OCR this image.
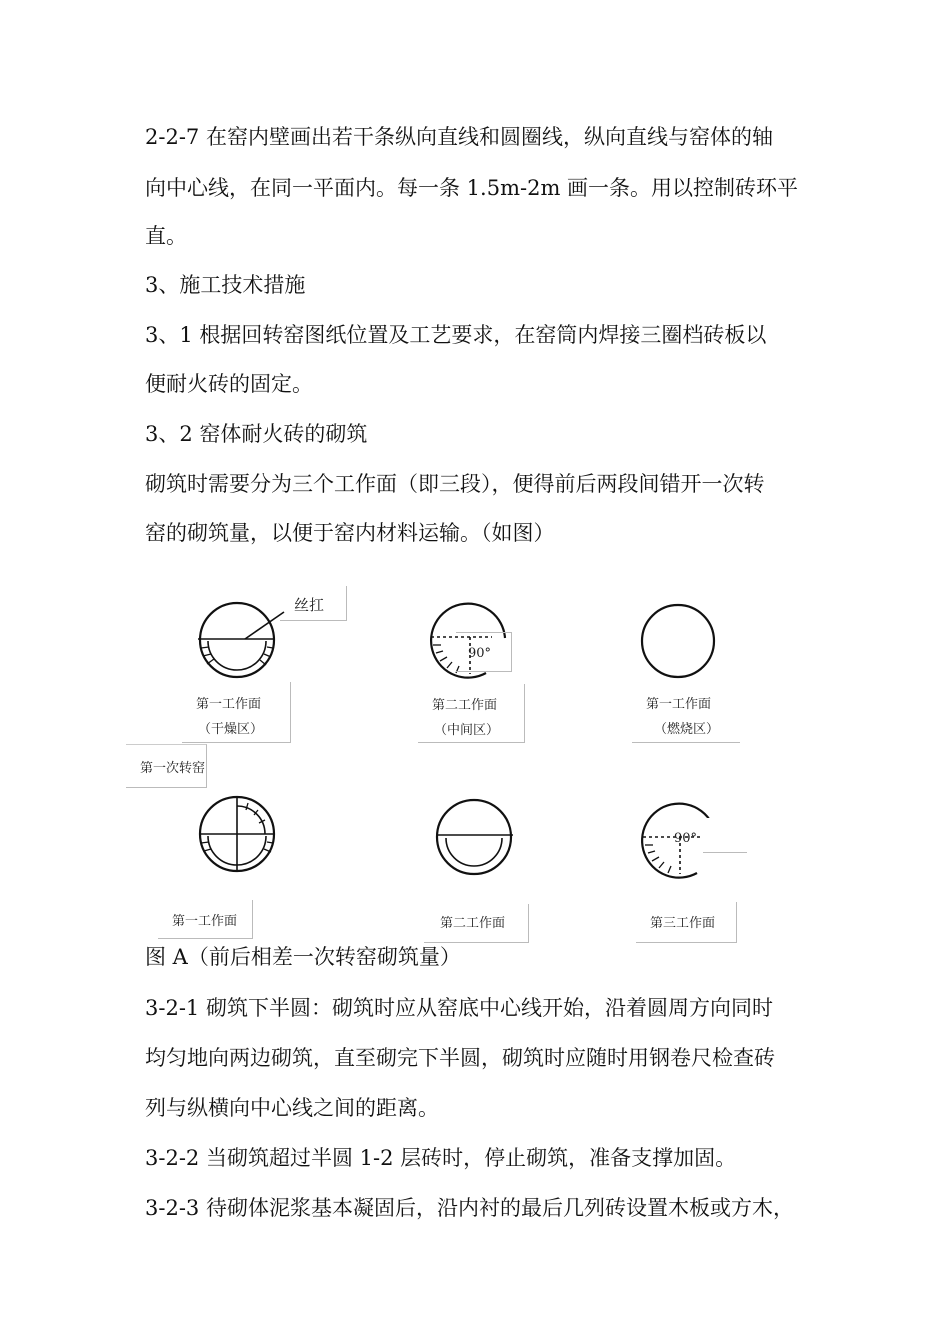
2-2-7 在窑内壁画出若干条纵向直线和圆圈线，纵向直线与窑体的轴
向中心线，在同一平面内。每一条 1.5m-2m 画一条。用以控制砖环平
直。
3、施工技术措施
3、1 根据回转窑图纸位置及工艺要求，在窑筒内焊接三圈档砖板以
便耐火砖的固定。
3、2 窑体耐火砖的砌筑
砌筑时需要分为三个工作面（即三段），便得前后两段间错开一次转
窑的砌筑量，以便于窑内材料运输。（如图）
丝扛
90°
第一工作面
（干燥区）
第二工作面
（中间区）
第一工作面
（燃烧区）
第一次转窑
90°
第一工作面	第二工作面	第三工作面
图 A（前后相差一次转窑砌筑量）
3-2-1 砌筑下半圆：砌筑时应从窑底中心线开始，沿着圆周方向同时
均匀地向两边砌筑，直至砌完下半圆，砌筑时应随时用钢卷尺检查砖
列与纵横向中心线之间的距离。
3-2-2 当砌筑超过半圆 1-2 层砖时，停止砌筑，准备支撑加固。
3-2-3 待砌体泥浆基本凝固后，沿内衬的最后几列砖设置木板或方木，
